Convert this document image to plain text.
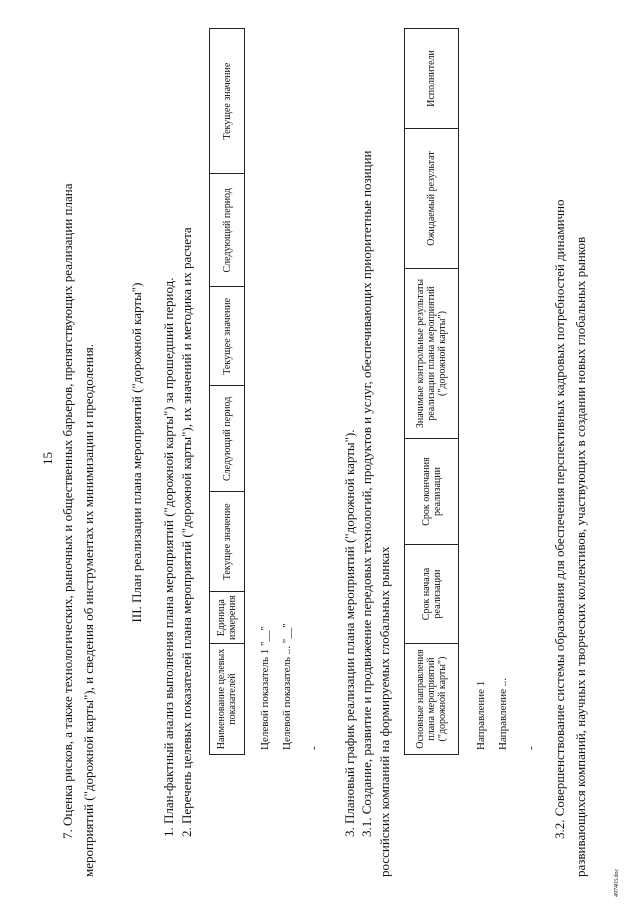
15 7. Оценка рисков, а также технологических, рыночных и общественных барьеров, препятствующих реализации плана мероприятий ("дорожной карты"), и сведения об инструментах их минимизации и преодоления.	III. План реализации плана мероприятий ("дорожной карты") 1. План-фактный анализ выполнения плана мероприятий ("дорожной карты") за прошедший период. 2. Перечень целевых показателей плана мероприятий ("дорожной карты"), их значений и методика их расчета Наименование целевых показателей	Единица измерения	Текущее значение	Следующий период	Текущее значение	Следующий период	Текущее значение
Целевой показатель 1 "__" Целевой показатель ... "__" - 3. Плановый график реализации плана мероприятий ("дорожной карты"). 3.1. Создание, развитие и продвижение передовых технологий, продуктов и услуг, обеспечивающих приоритетные позиции российских компаний на формируемых глобальных рынках Основные направления плана мероприятий ("дорожной карты")	Срок начала реализации	Срок окончания реализации	Значимые контрольные результаты реализации плана мероприятий ("дорожной карты")	Ожидаемый результат	Исполнители
Направление 1 Направление ... - 3.2. Совершенствование системы образования для обеспечения перспективных кадровых потребностей динамично развивающихся компаний, научных и творческих коллективов, участвующих в создании новых глобальных рынков
497403.doc
